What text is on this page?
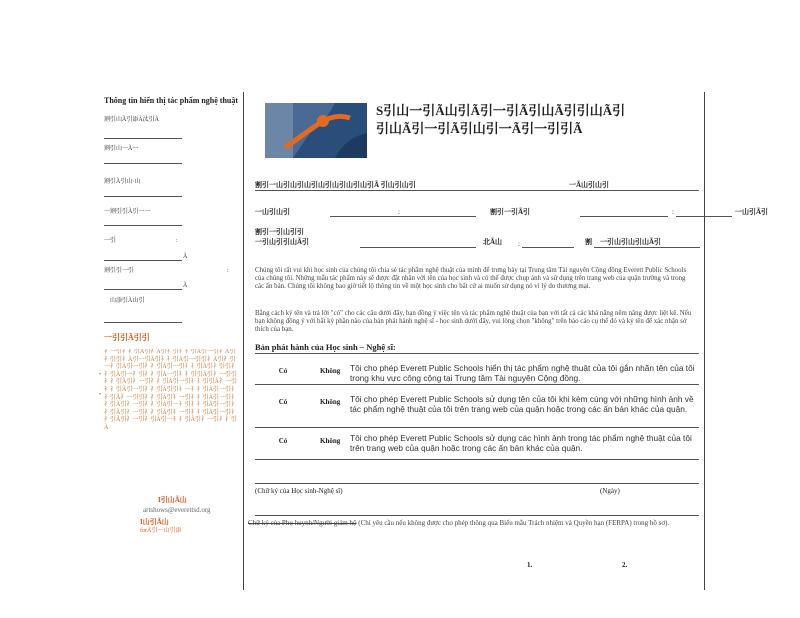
Thông tin hiển thị tác phẩm nghệ thuật
割引⼭Ã引添Ã汰引Ã
割引⼭⼀Ã⼀
割引Ã引⼭·⼭
⼀割引引Ã引⼀⼀
⼀引	:
Ã
割引引⼀引	:
Ã
⼭添引Ã⼭引
⼀引引Ã引引
⺭⼀引⺭⺭引Ã引⺭Ã引⺭引⺭⺭引Ã引⼀引⺭Ã引⺭引引⺭Ã引⼀引Ã引⺭⺭引Ã引⼀引引⺭Ã引⺭引⼀⺭引Ã引⼀引⺭⺭引Ã引⼀引⺭⺭引Ã引⺭引引⺭⺭引Ã引⼀⺭引⺭⺭引Ã⼀引⺭⺭引引Ã引⺭⼀引引⺭⺭引Ã引⺭⼀引⺭⺭引Ã引⼀引⺭⺭引引Ã⺭⼀引⺭⺭引Ã引⼀引⺭⺭引Ã引引⺭⼀⺭⺭引Ã引⼀引⺭⺭引Ã⺭⼀引引⺭⺭引Ã引⺭⼀引⺭⺭引Ã引⼀引⺭⺭引Ã引⺭⼀引⺭⺭引Ã引⼀⺭引⺭⺭引Ã引⼀引⺭⺭引Ã引⺭⼀引⺭⺭引Ã引⺭⼀引⺭⺭引Ã引⼀引⺭⺭引Ã引⺭⼀引⺭引Ã引⼀⺭⺭引Ã引⺭⼀引⺭⺭引Ã
•
•
I引⼭Ã⼭
artshows@everettsd.org
I⼭引Ã⼭
forÃ引⼀⼭引添
S引⼭⼀引Ã⼭引Ã引⼀引Ã引⼭Ã引引⼭Ã引
引⼭Ã引⼀引Ã引⼭引⼀Ã引⼀引引Ã
割引⼀⼭引⼭引⼭引⼭引⼭引⼭引⼭引Ã 引⼭引⼭引	⼀Ã⼭引⼭引
⼀⼭引⼭引	:	割引⼀引Ã引	:	⼀⼭引Ã引
割引⼀引⼭引引
⼀引⼭引引⼭Ã引	北Ã⼭ :	割 ⼀引⼭引⼭引⼭Ã引
Chúng tôi rất vui khi học sinh của chúng tôi chia sẻ tác phẩm nghệ thuật của mình để trưng bày tại Trung tâm Tài nguyên Cộng đồng Everett Public Schools của chúng tôi. Những mẫu tác phẩm này sẽ được đặt nhãn với tên của học sinh và có thể được chụp ảnh và sử dụng trên trang web của quận trường và trong các ấn bản. Chúng tôi không bao giờ tiết lộ thông tin về một học sinh cho bất cứ ai muốn sử dụng nó vì lý do thương mại.
Bằng cách ký tên và trả lời "có" cho các câu dưới đây, bạn đồng ý việc tên và tác phẩm nghệ thuật của bạn với tất cả các khả năng nêm nâng được liệt kê. Nếu bạn không đồng ý với bất kỳ phần nào của bản phát hành nghệ sĩ - học sinh dưới đây, vui lòng chọn "không" trên báo cáo cụ thể đó và ký tên để xác nhận sở thích của bạn.
Bản phát hành của Học sinh – Nghệ sĩ:
Có	Không Tôi cho phép Everett Public Schools hiển thị tác phẩm nghệ thuật của tôi gắn nhãn tên của tôi trong khu vực công cộng tại Trung tâm Tài nguyên Cộng đồng.
Có	Không Tôi cho phép Everett Public Schools sử dụng tên của tôi khi kèm cùng với những hình ảnh về tác phẩm nghệ thuật của tôi trên trang web của quận hoặc trong các ấn bản khác của quận.
Có	Không Tôi cho phép Everett Public Schools sử dụng các hình ảnh trong tác phẩm nghệ thuật của tôi trên trang web của quận hoặc trong các ấn bản khác của quận.
(Chữ ký của Học sinh-Nghệ sĩ)	(Ngày)
Chữ ký của Phụ huynh/Người giám hộ (Chỉ yêu cầu nếu không được cho phép thông qua Biểu mẫu Trách nhiệm và Quyền hạn (FERPA) trong hồ sơ).
1.	2.
